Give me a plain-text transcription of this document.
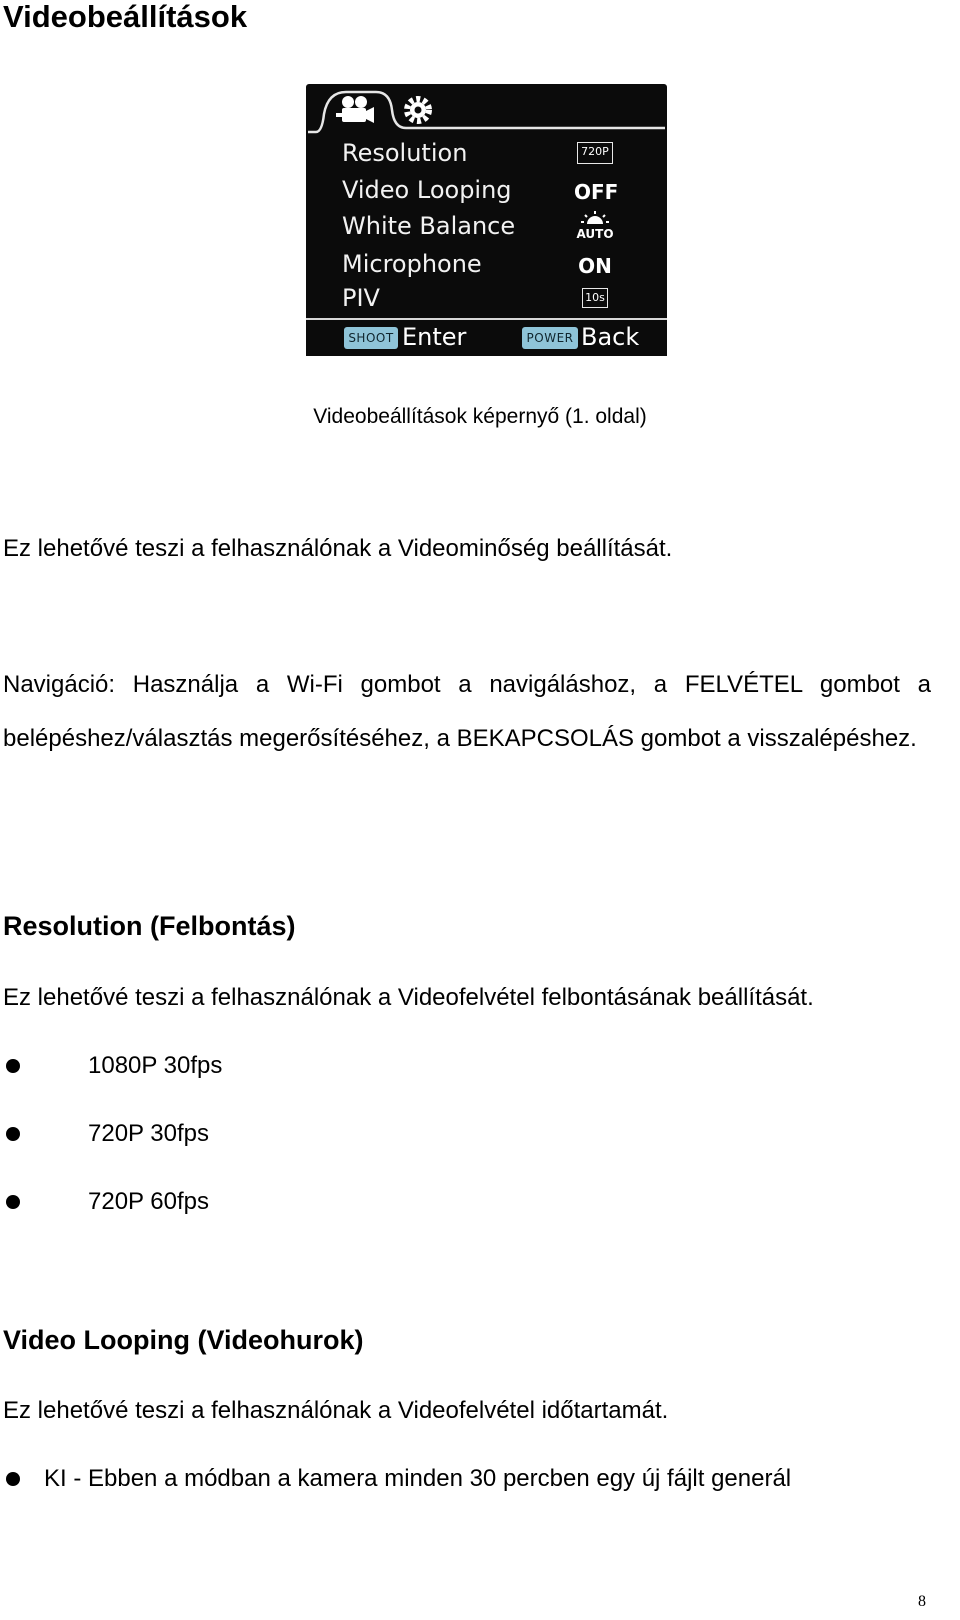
Videobeállítások
Resolution	720P
Video Looping	OFF
White Balance	AUTO
Microphone	ON
PIV	10s
SHOOT Enter	POWER Back
Videobeállítások képernyő (1. oldal)
Ez lehetővé teszi a felhasználónak a Videominőség beállítását.
Navigáció: Használja a Wi-Fi gombot a navigáláshoz, a FELVÉTEL gombot a belépéshez/választás megerősítéséhez, a BEKAPCSOLÁS gombot a visszalépéshez.
Resolution (Felbontás)
Ez lehetővé teszi a felhasználónak a Videofelvétel felbontásának beállítását.
1080P 30fps
720P 30fps
720P 60fps
Video Looping (Videohurok)
Ez lehetővé teszi a felhasználónak a Videofelvétel időtartamát.
KI - Ebben a módban a kamera minden 30 percben egy új fájlt generál
8
